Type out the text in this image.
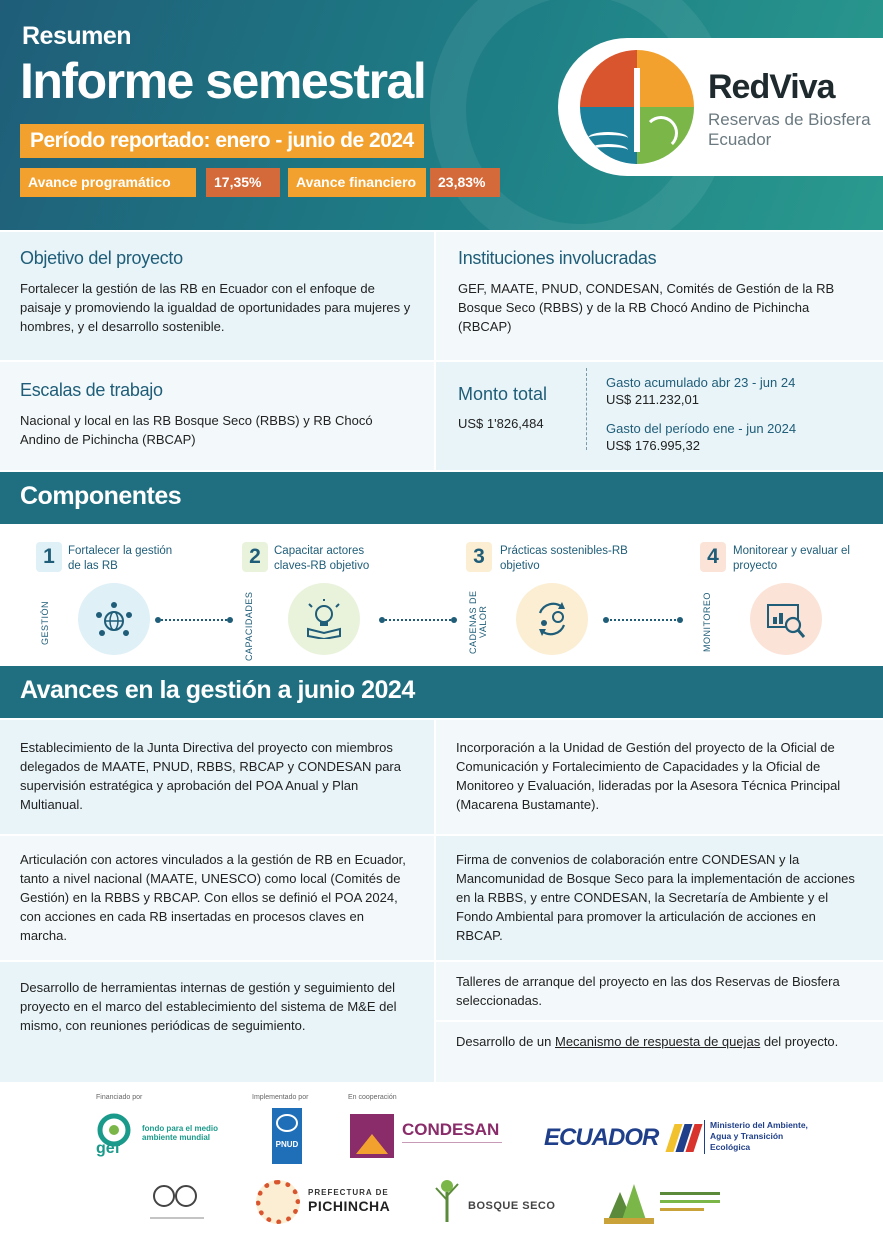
Resumen
Informe semestral
Período reportado: enero - junio de 2024
Avance programático	17,35%	Avance financiero	23,83%
RedViva
Reservas de Biosfera Ecuador
Objetivo del proyecto

Fortalecer la gestión de las RB en Ecuador con el enfoque de paisaje y promoviendo la igualdad de oportunidades para mujeres y hombres, y el desarrollo sostenible.

Instituciones involucradas

GEF, MAATE, PNUD, CONDESAN, Comités de Gestión de la RB Bosque Seco (RBBS) y de la RB Chocó Andino de Pichincha (RBCAP)

Escalas de trabajo

Nacional y local en las RB Bosque Seco (RBBS) y RB Chocó Andino de Pichincha (RBCAP)

Monto total
US$ 1'826,484
Gasto acumulado abr 23 - jun 24
US$ 211.232,01
Gasto del período ene - jun 2024
US$ 176.995,32
Componentes
1	Fortalecer la gestión de las RB
GESTIÓN
2	Capacitar actores claves-RB objetivo
CAPACIDADES
3	Prácticas sostenibles-RB objetivo
CADENAS DE VALOR
4	Monitorear y evaluar el proyecto
MONITOREO
Avances en la gestión a junio 2024
Establecimiento de la Junta Directiva del proyecto con miembros delegados de MAATE, PNUD, RBBS, RBCAP y CONDESAN para supervisión estratégica y aprobación del POA Anual y Plan Multianual.
Incorporación a la Unidad de Gestión del proyecto de la Oficial de Comunicación y Fortalecimiento de Capacidades y la Oficial de Monitoreo y Evaluación, lideradas por la Asesora Técnica Principal (Macarena Bustamante).
Articulación con actores vinculados a la gestión de RB en Ecuador, tanto a nivel nacional (MAATE, UNESCO) como local (Comités de Gestión) en la RBBS y RBCAP. Con ellos se definió el POA 2024, con acciones en cada RB insertadas en procesos claves en marcha.
Firma de convenios de colaboración entre CONDESAN y la Mancomunidad de Bosque Seco para la implementación de acciones en la RBBS, y entre CONDESAN, la Secretaría de Ambiente y el Fondo Ambiental para promover la articulación de acciones en RBCAP.
Desarrollo de herramientas internas de gestión y seguimiento del proyecto en el marco del establecimiento del sistema de M&E del mismo, con reuniones periódicas de seguimiento.
Talleres de arranque del proyecto en las dos Reservas de Biosfera seleccionadas.
Desarrollo de un Mecanismo de respuesta de quejas del proyecto.
Financiado por	Implementado por	En cooperación
gef
fondo para el medio ambiente mundial
PNUD
CONDESAN ECUADOR	Ministerio del Ambiente, Agua y Transición Ecológica
PREFECTURA DE
PICHINCHA	BOSQUE SECO
